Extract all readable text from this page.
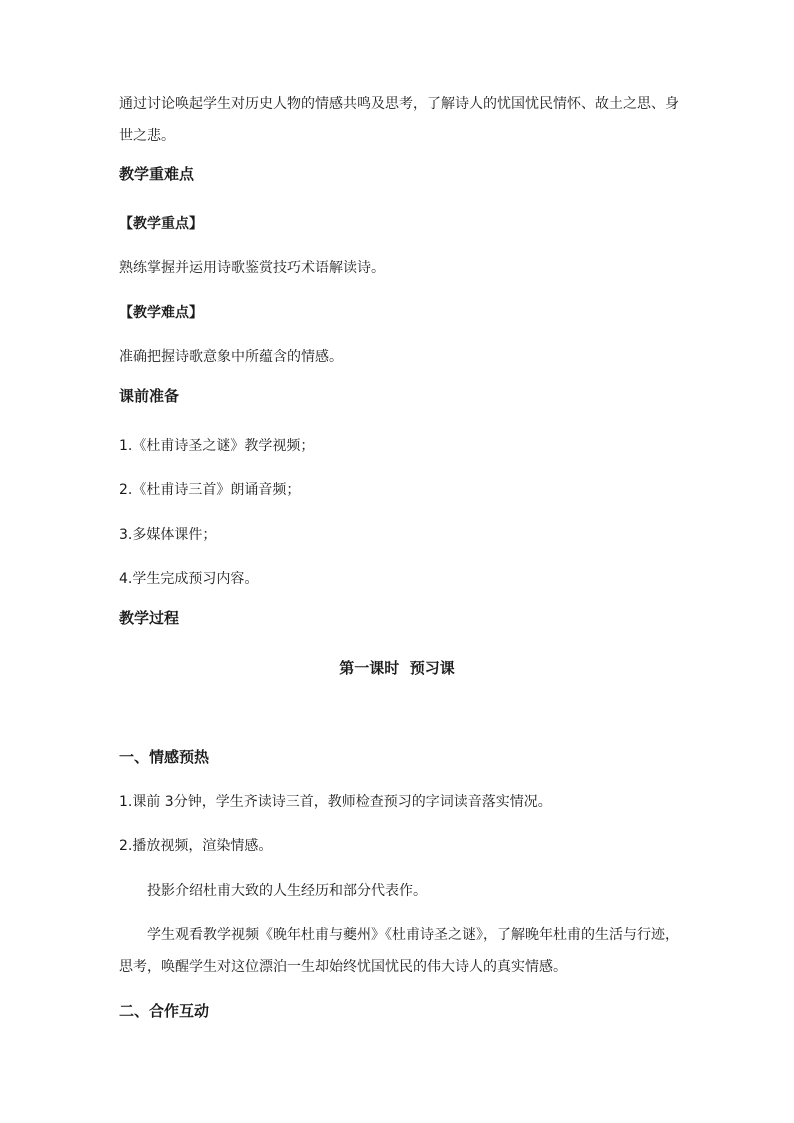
通过讨论唤起学生对历史人物的情感共鸣及思考，了解诗人的忧国忧民情怀、故土之思、身世之悲。
教学重难点
【教学重点】
熟练掌握并运用诗歌鉴赏技巧术语解读诗。
【教学难点】
准确把握诗歌意象中所蕴含的情感。
课前准备
1.《杜甫诗圣之谜》教学视频；
2.《杜甫诗三首》朗诵音频；
3.多媒体课件；
4.学生完成预习内容。
教学过程
第一课时  预习课
一、情感预热
1.课前 3分钟，学生齐读诗三首，教师检查预习的字词读音落实情况。
2.播放视频，渲染情感。
投影介绍杜甫大致的人生经历和部分代表作。
学生观看教学视频《晚年杜甫与夔州》《杜甫诗圣之谜》，了解晚年杜甫的生活与行迹，思考，唤醒学生对这位漂泊一生却始终忧国忧民的伟大诗人的真实情感。
二、合作互动
